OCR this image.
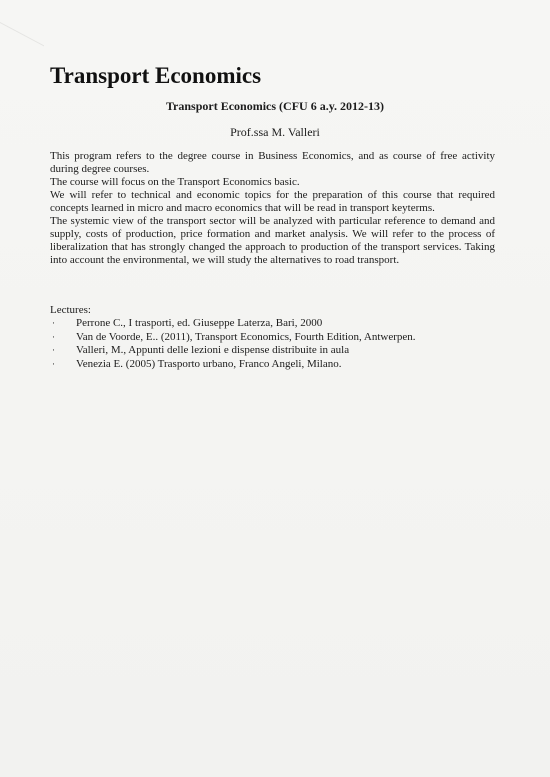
Transport Economics

Transport Economics (CFU 6 a.y. 2012-13)

Prof.ssa M. Valleri

This program refers to the degree course in Business Economics, and as course of free activity during degree courses.

The course will focus on the Transport Economics basic.

We will refer to technical and economic topics for the preparation of this course that required concepts learned in micro and macro economics that will be read in transport keyterms.

The systemic view of the transport sector will be analyzed with particular reference to demand and supply, costs of production, price formation and market analysis. We will refer to the process of liberalization that has strongly changed the approach to production of the transport services. Taking into account the environmental, we will study the alternatives to road transport.

Lectures:

· Perrone C., I trasporti, ed. Giuseppe Laterza, Bari, 2000
· Van de Voorde, E.. (2011), Transport Economics, Fourth Edition, Antwerpen.
· Valleri, M., Appunti delle lezioni e dispense distribuite in aula
· Venezia E. (2005) Trasporto urbano, Franco Angeli, Milano.
